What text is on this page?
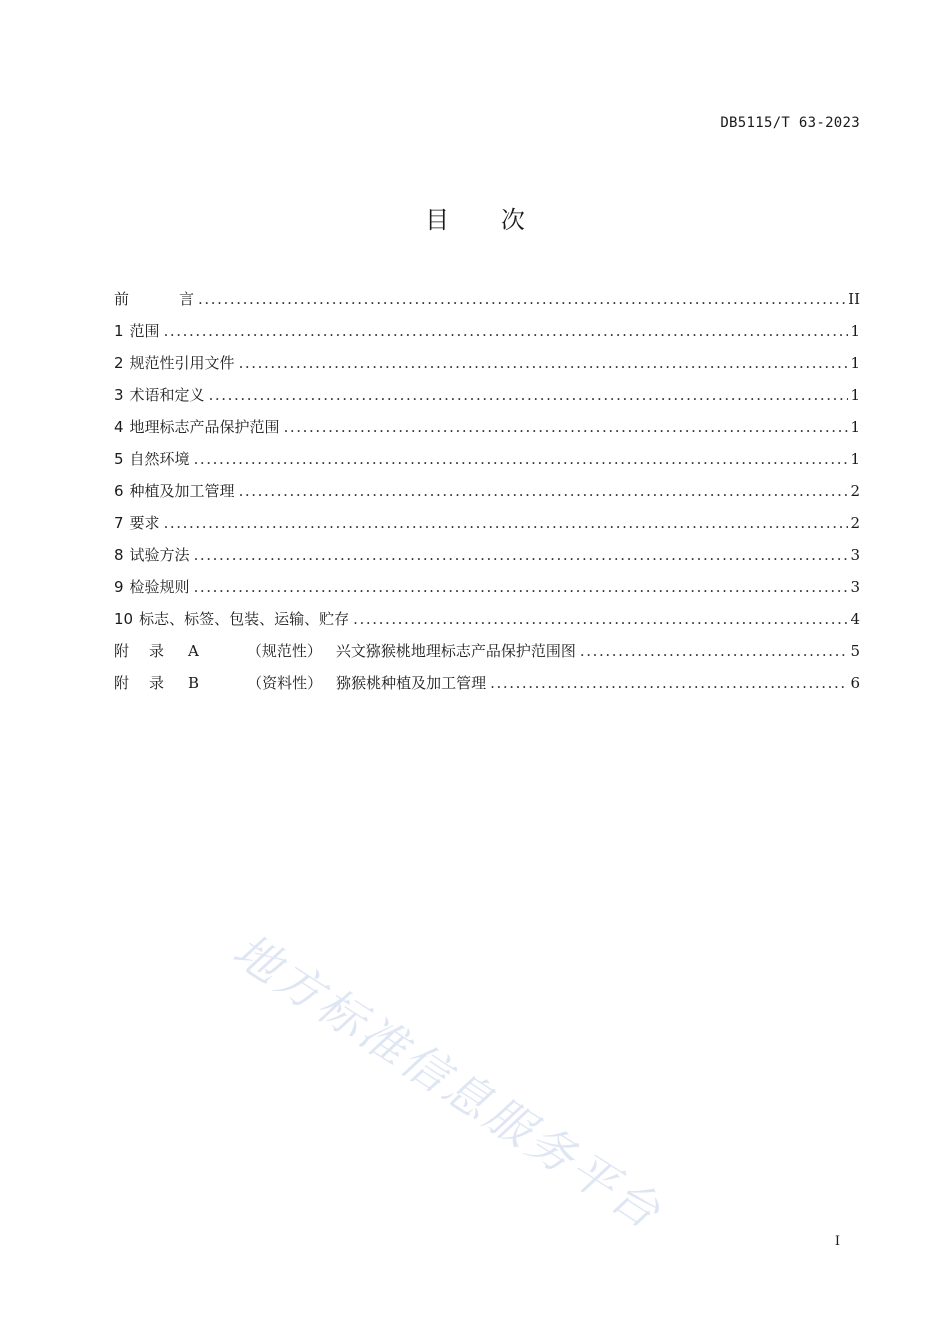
DB5115/T 63-2023
目 次
前	言 .....	II
1 范围 .....	1
2 规范性引用文件 .....	1
3 术语和定义 .....	1
4 地理标志产品保护范围 .....	1
5 自然环境 .....	1
6 种植及加工管理 .....	2
7 要求 .....	2
8 试验方法 .....	3
9 检验规则 .....	3
10 标志、标签、包装、运输、贮存 .....	4
附 录 A	（规范性） 兴文猕猴桃地理标志产品保护范围图 .....	5
附 录 B	（资料性） 猕猴桃种植及加工管理 .....	6
地方标准信息服务平台
I
